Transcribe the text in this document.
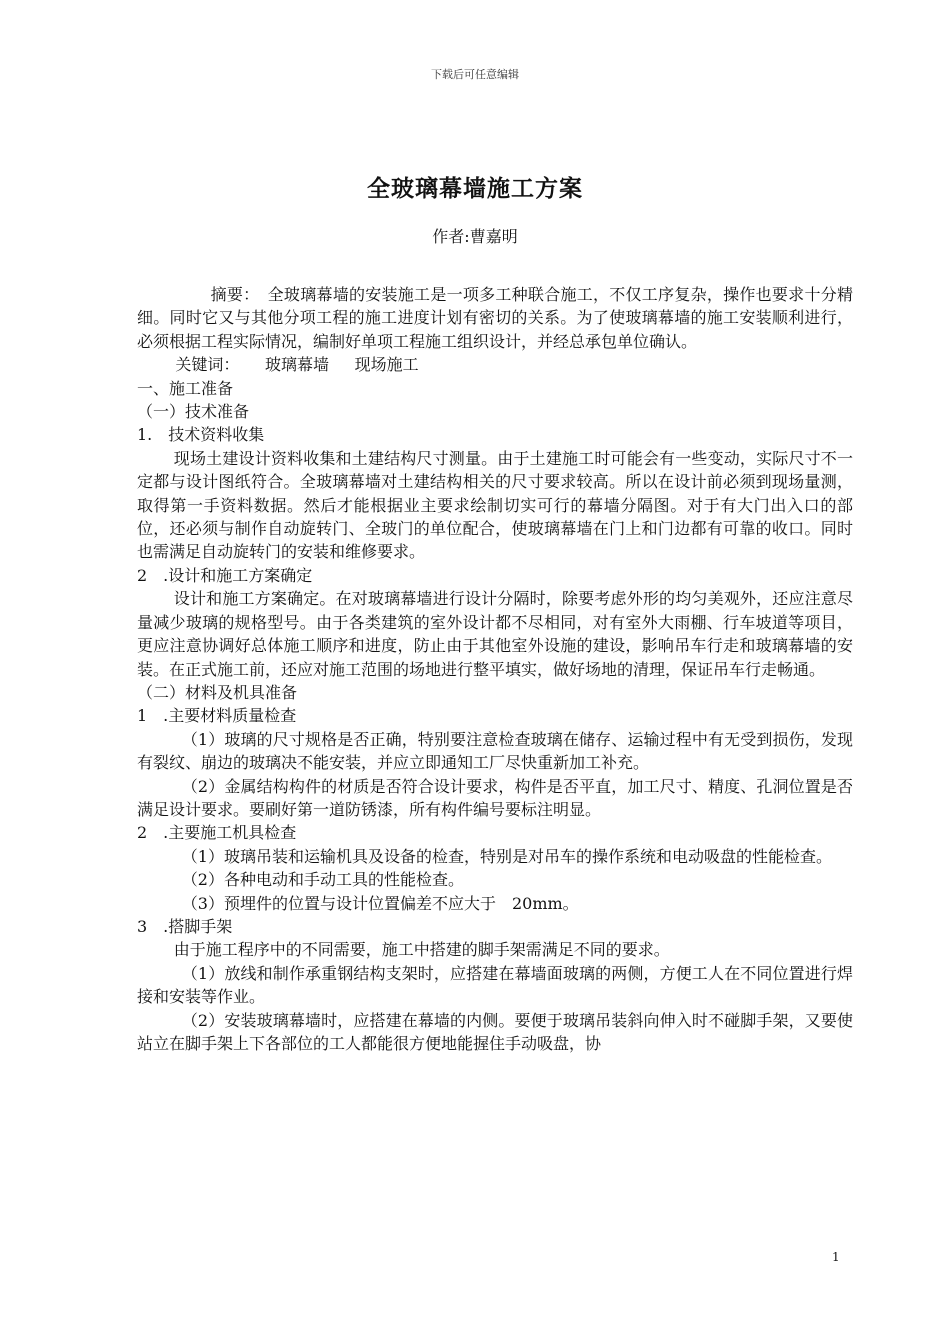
下载后可任意编辑
全玻璃幕墙施工方案
作者:曹嘉明

摘要：　全玻璃幕墙的安装施工是一项多工种联合施工，不仅工序复杂，操作也要求十分精细。同时它又与其他分项工程的施工进度计划有密切的关系。为了使玻璃幕墙的施工安装顺利进行，必须根据工程实际情况，编制好单项工程施工组织设计，并经总承包单位确认。

关键词： 玻璃幕墙 现场施工

一、施工准备

（一）技术准备

1.　技术资料收集

现场土建设计资料收集和土建结构尺寸测量。由于土建施工时可能会有一些变动，实际尺寸不一定都与设计图纸符合。全玻璃幕墙对土建结构相关的尺寸要求较高。所以在设计前必须到现场量测，取得第一手资料数据。然后才能根据业主要求绘制切实可行的幕墙分隔图。对于有大门出入口的部位，还必须与制作自动旋转门、全玻门的单位配合，使玻璃幕墙在门上和门边都有可靠的收口。同时也需满足自动旋转门的安装和维修要求。

2　.设计和施工方案确定

设计和施工方案确定。在对玻璃幕墙进行设计分隔时，除要考虑外形的均匀美观外，还应注意尽量减少玻璃的规格型号。由于各类建筑的室外设计都不尽相同，对有室外大雨棚、行车坡道等项目，更应注意协调好总体施工顺序和进度，防止由于其他室外设施的建设，影响吊车行走和玻璃幕墙的安装。在正式施工前，还应对施工范围的场地进行整平填实，做好场地的清理，保证吊车行走畅通。

（二）材料及机具准备

1　.主要材料质量检查

（1）玻璃的尺寸规格是否正确，特别要注意检查玻璃在储存、运输过程中有无受到损伤，发现有裂纹、崩边的玻璃决不能安装，并应立即通知工厂尽快重新加工补充。

（2）金属结构构件的材质是否符合设计要求，构件是否平直，加工尺寸、精度、孔洞位置是否满足设计要求。要刷好第一道防锈漆，所有构件编号要标注明显。

2　.主要施工机具检查

（1）玻璃吊装和运输机具及设备的检查，特别是对吊车的操作系统和电动吸盘的性能检查。

（2）各种电动和手动工具的性能检查。

（3）预埋件的位置与设计位置偏差不应大于　20mm。

3　.搭脚手架

由于施工程序中的不同需要，施工中搭建的脚手架需满足不同的要求。

（1）放线和制作承重钢结构支架时，应搭建在幕墙面玻璃的两侧，方便工人在不同位置进行焊接和安装等作业。

（2）安装玻璃幕墙时，应搭建在幕墙的内侧。要便于玻璃吊装斜向伸入时不碰脚手架，又要使站立在脚手架上下各部位的工人都能很方便地能握住手动吸盘，协

1
